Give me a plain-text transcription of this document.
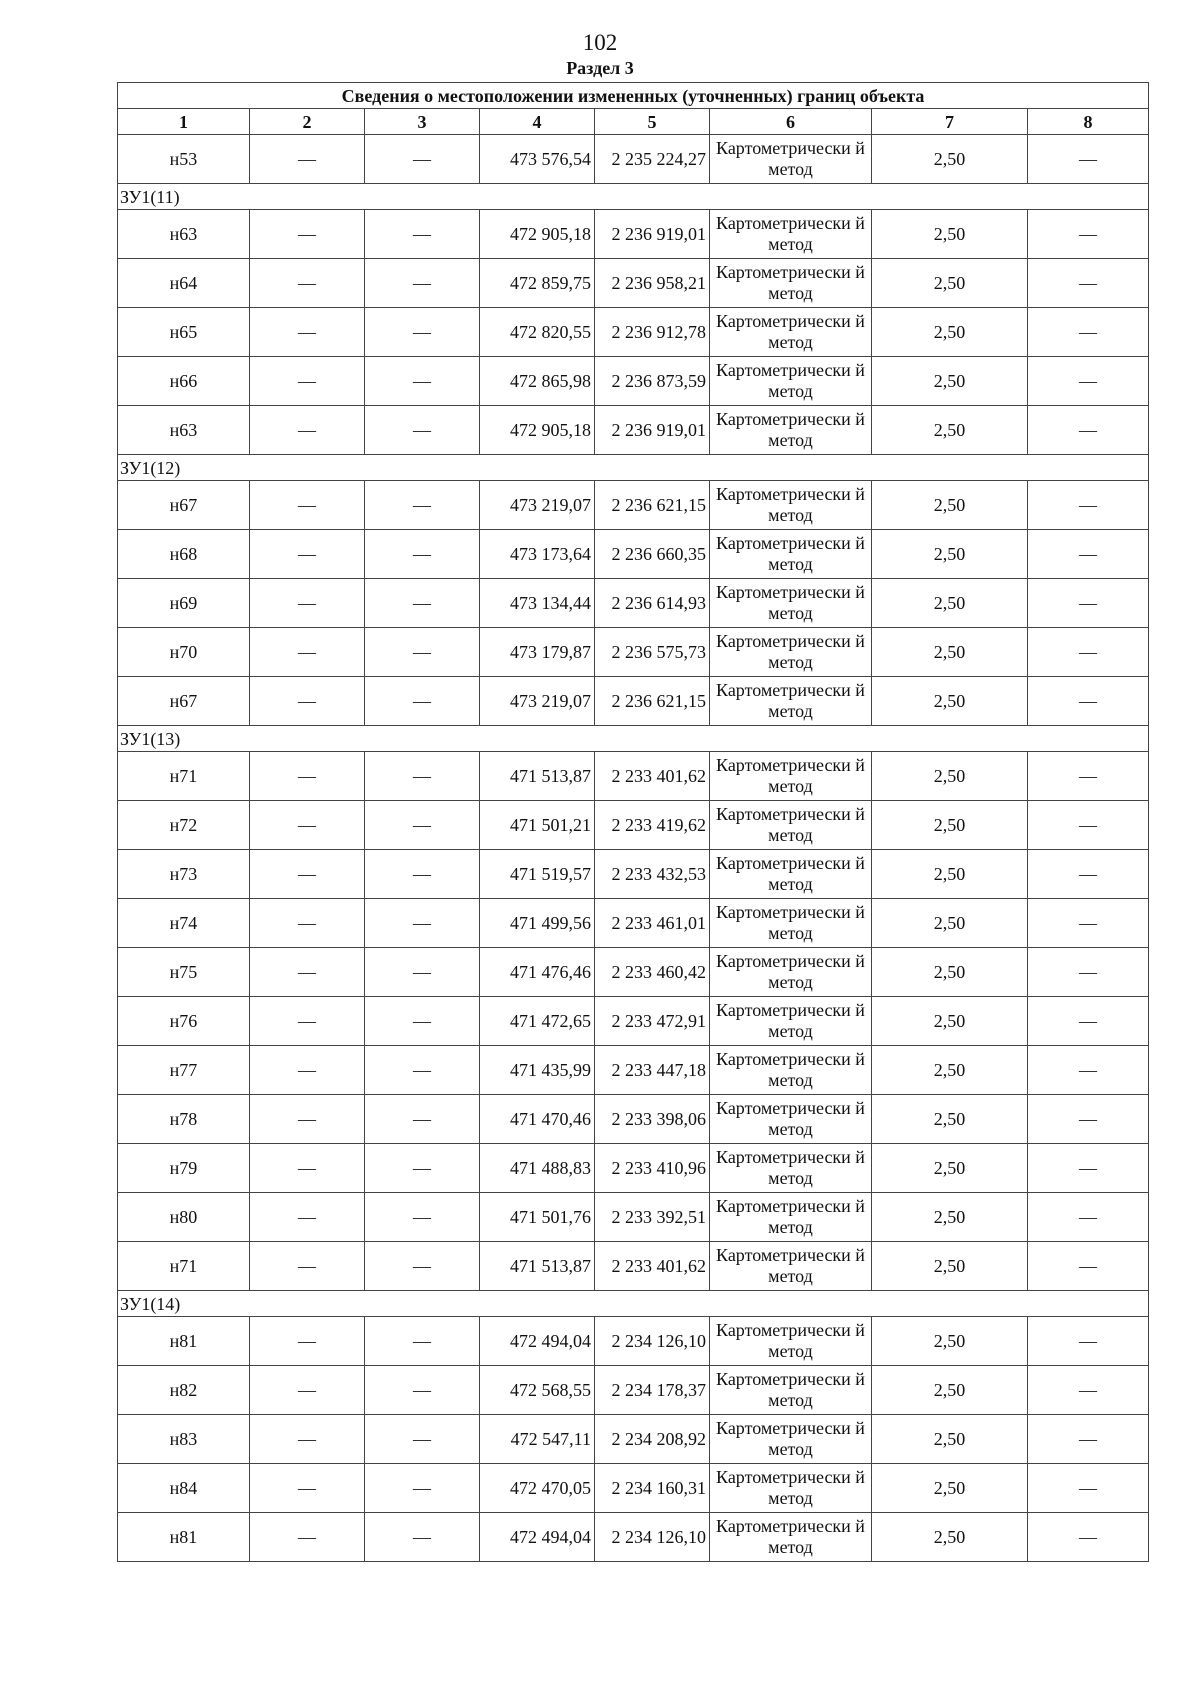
102
Раздел 3
Сведения о местоположении измененных (уточненных) границ объекта							
1	2	3	4	5	6	7	8
н53	—	—	473 576,54	2 235 224,27	Картометрически й метод	2,50	—
ЗУ1(11)							
н63	—	—	472 905,18	2 236 919,01	Картометрически й метод	2,50	—
н64	—	—	472 859,75	2 236 958,21	Картометрически й метод	2,50	—
н65	—	—	472 820,55	2 236 912,78	Картометрически й метод	2,50	—
н66	—	—	472 865,98	2 236 873,59	Картометрически й метод	2,50	—
н63	—	—	472 905,18	2 236 919,01	Картометрически й метод	2,50	—
ЗУ1(12)							
н67	—	—	473 219,07	2 236 621,15	Картометрически й метод	2,50	—
н68	—	—	473 173,64	2 236 660,35	Картометрически й метод	2,50	—
н69	—	—	473 134,44	2 236 614,93	Картометрически й метод	2,50	—
н70	—	—	473 179,87	2 236 575,73	Картометрически й метод	2,50	—
н67	—	—	473 219,07	2 236 621,15	Картометрически й метод	2,50	—
ЗУ1(13)							
н71	—	—	471 513,87	2 233 401,62	Картометрически й метод	2,50	—
н72	—	—	471 501,21	2 233 419,62	Картометрически й метод	2,50	—
н73	—	—	471 519,57	2 233 432,53	Картометрически й метод	2,50	—
н74	—	—	471 499,56	2 233 461,01	Картометрически й метод	2,50	—
н75	—	—	471 476,46	2 233 460,42	Картометрически й метод	2,50	—
н76	—	—	471 472,65	2 233 472,91	Картометрически й метод	2,50	—
н77	—	—	471 435,99	2 233 447,18	Картометрически й метод	2,50	—
н78	—	—	471 470,46	2 233 398,06	Картометрически й метод	2,50	—
н79	—	—	471 488,83	2 233 410,96	Картометрически й метод	2,50	—
н80	—	—	471 501,76	2 233 392,51	Картометрически й метод	2,50	—
н71	—	—	471 513,87	2 233 401,62	Картометрически й метод	2,50	—
ЗУ1(14)							
н81	—	—	472 494,04	2 234 126,10	Картометрически й метод	2,50	—
н82	—	—	472 568,55	2 234 178,37	Картометрически й метод	2,50	—
н83	—	—	472 547,11	2 234 208,92	Картометрически й метод	2,50	—
н84	—	—	472 470,05	2 234 160,31	Картометрически й метод	2,50	—
н81	—	—	472 494,04	2 234 126,10	Картометрически й метод	2,50	—
